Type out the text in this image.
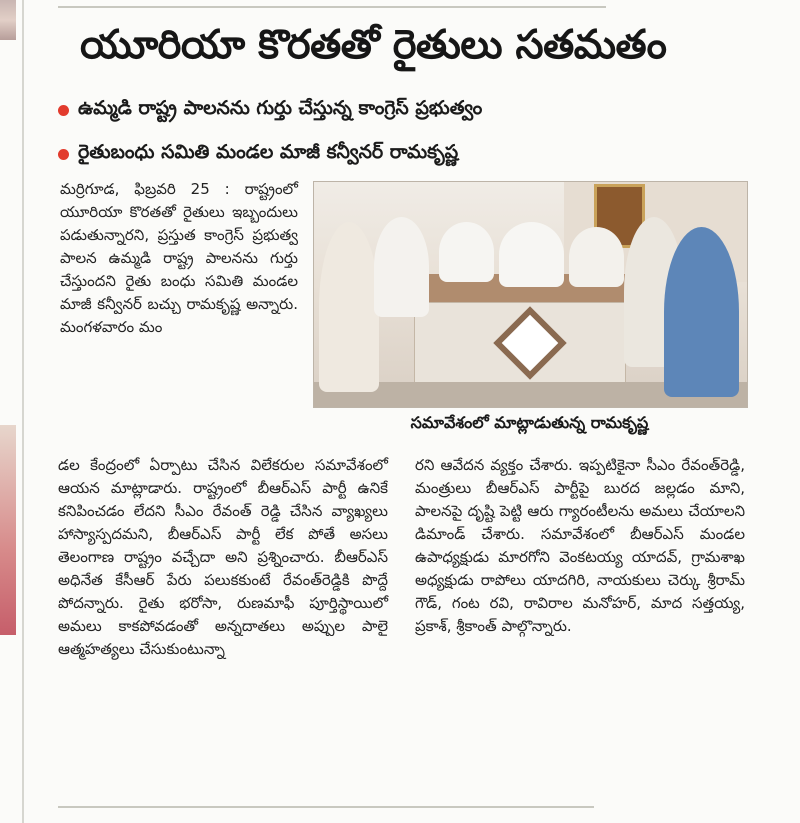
యూరియా కొరతతో రైతులు సతమతం
ఉమ్మడి రాష్ట్ర పాలనను గుర్తు చేస్తున్న కాంగ్రెస్ ప్రభుత్వం
రైతుబంధు సమితి మండల మాజీ కన్వీనర్ రామకృష్ణ

మర్రిగూడ, ఫిబ్రవరి 25 : రాష్ట్రంలో యూరియా కొరతతో రైతులు ఇబ్బందులు పడుతున్నారని, ప్రస్తుత కాంగ్రెస్ ప్రభుత్వ పాలన ఉమ్మడి రాష్ట్ర పాలనను గుర్తు చేస్తుందని రైతు బంధు సమితి మండల మాజీ కన్వీనర్ బచ్చు రామకృష్ణ అన్నారు. మంగళవారం మం

సమావేశంలో మాట్లాడుతున్న రామకృష్ణ

డల కేంద్రంలో ఏర్పాటు చేసిన విలేకరుల సమావేశంలో ఆయన మాట్లాడారు. రాష్ట్రంలో బీఆర్ఎస్ పార్టీ ఉనికే కనిపించడం లేదని సీఎం రేవంత్ రెడ్డి చేసిన వ్యాఖ్యలు హాస్యాస్పదమని, బీఆర్ఎస్ పార్టీ లేక పోతే అసలు తెలంగాణ రాష్ట్రం వచ్చేదా అని ప్రశ్నించారు. బీఆర్ఎస్ అధినేత కేసీఆర్ పేరు పలుకకుంటే రేవంత్‌రెడ్డికి పొద్దే పోదన్నారు. రైతు భరోసా, రుణమాఫీ పూర్తిస్థాయిలో అమలు కాకపోవడంతో అన్నదాతలు అప్పుల పాలై ఆత్మహత్యలు చేసుకుంటున్నా

రని ఆవేదన వ్యక్తం చేశారు. ఇప్పటికైనా సీఎం రేవంత్‌రెడ్డి, మంత్రులు బీఆర్ఎస్ పార్టీపై బురద జల్లడం మాని, పాలనపై దృష్టి పెట్టి ఆరు గ్యారంటీలను అమలు చేయాలని డిమాండ్ చేశారు. సమావేశంలో బీఆర్ఎస్ మండల ఉపాధ్యక్షుడు మారగోని వెంకటయ్య యాదవ్, గ్రామశాఖ అధ్యక్షుడు రాపోలు యాదగిరి, నాయకులు చెర్కు శ్రీరామ్ గౌడ్, గంట రవి, రావిరాల మనోహర్, మాద సత్తయ్య, ప్రకాశ్, శ్రీకాంత్ పాల్గొన్నారు.
